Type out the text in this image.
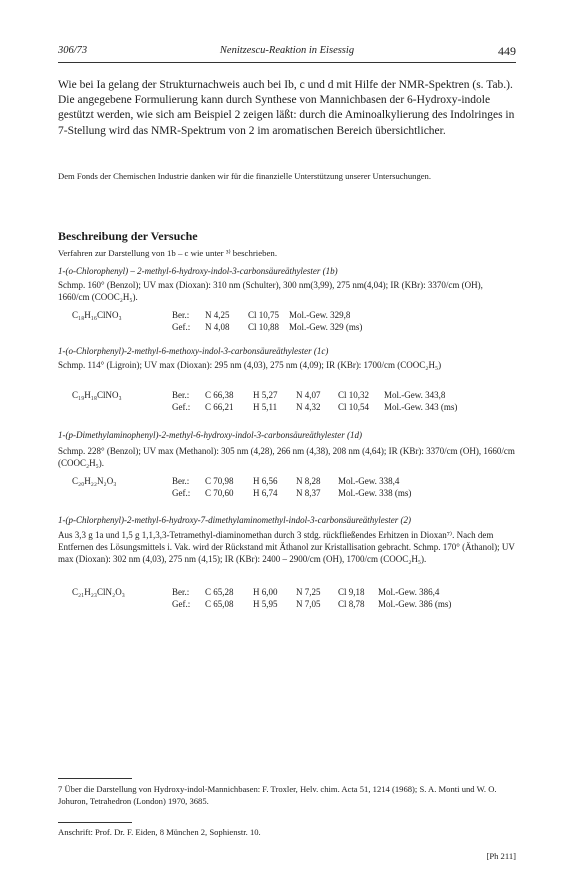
306/73	Nenitzescu-Reaktion in Eisessig	449
Wie bei Ia gelang der Strukturnachweis auch bei Ib, c und d mit Hilfe der NMR-Spektren (s. Tab.). Die angegebene Formulierung kann durch Synthese von Mannichbasen der 6-Hydroxy-indole gestützt werden, wie sich am Beispiel 2 zeigen läßt: durch die Aminoalkylierung des Indolringes in 7-Stellung wird das NMR-Spektrum von 2 im aromatischen Bereich übersichtlicher.
Dem Fonds der Chemischen Industrie danken wir für die finanzielle Unterstützung unserer Untersuchungen.
Beschreibung der Versuche
Verfahren zur Darstellung von 1b – c wie unter ³⁾ beschrieben.
1-(o-Chlorophenyl) – 2-methyl-6-hydroxy-indol-3-carbonsäureäthylester (1b)
Schmp. 160° (Benzol); UV max (Dioxan): 310 nm (Schulter), 300 nm(3,99), 275 nm(4,04); IR (KBr): 3370/cm (OH), 1660/cm (COOC₂H₅).
C₁₈H₁₆ClNO₃	Ber.: N 4,25 Cl 10,75 Mol.-Gew. 329,8
Gef.: N 4,08 Cl 10,88 Mol.-Gew. 329 (ms)
1-(o-Chlorphenyl)-2-methyl-6-methoxy-indol-3-carbonsäureäthylester (1c)
Schmp. 114° (Ligroin); UV max (Dioxan): 295 nm (4,03), 275 nm (4,09); IR (KBr): 1700/cm (COOC₂H₅)
C₁₉H₁₈ClNO₃	Ber.: C 66,38 H 5,27 N 4,07 Cl 10,32 Mol.-Gew. 343,8
Gef.: C 66,21 H 5,11 N 4,32 Cl 10,54 Mol.-Gew. 343 (ms)
1-(p-Dimethylaminophenyl)-2-methyl-6-hydroxy-indol-3-carbonsäureäthylester (1d)
Schmp. 228° (Benzol); UV max (Methanol): 305 nm (4,28), 266 nm (4,38), 208 nm (4,64); IR (KBr): 3370/cm (OH), 1660/cm (COOC₂H₅).
C₂₀H₂₂N₂O₃	Ber.: C 70,98 H 6,56 N 8,28 Mol.-Gew. 338,4
Gef.: C 70,60 H 6,74 N 8,37 Mol.-Gew. 338 (ms)
1-(p-Chlorphenyl)-2-methyl-6-hydroxy-7-dimethylaminomethyl-indol-3-carbonsäureäthylester (2)
Aus 3,3 g 1a und 1,5 g 1,1,3,3-Tetramethyl-diaminomethan durch 3 stdg. rückfließendes Erhitzen in Dioxan⁷⁾. Nach dem Entfernen des Lösungsmittels i. Vak. wird der Rückstand mit Äthanol zur Kristallisation gebracht. Schmp. 170° (Äthanol); UV max (Dioxan): 302 nm (4,03), 275 nm (4,15); IR (KBr): 2400 – 2900/cm (OH), 1700/cm (COOC₂H₅).
C₂₁H₂₃ClN₂O₃	Ber.: C 65,28 H 6,00 N 7,25 Cl 9,18 Mol.-Gew. 386,4
Gef.: C 65,08 H 5,95 N 7,05 Cl 8,78 Mol.-Gew. 386 (ms)
7 Über die Darstellung von Hydroxy-indol-Mannichbasen: F. Troxler, Helv. chim. Acta 51, 1214 (1968); S. A. Monti und W. O. Johuron, Tetrahedron (London) 1970, 3685.
Anschrift: Prof. Dr. F. Eiden, 8 München 2, Sophienstr. 10.
[Ph 211]
